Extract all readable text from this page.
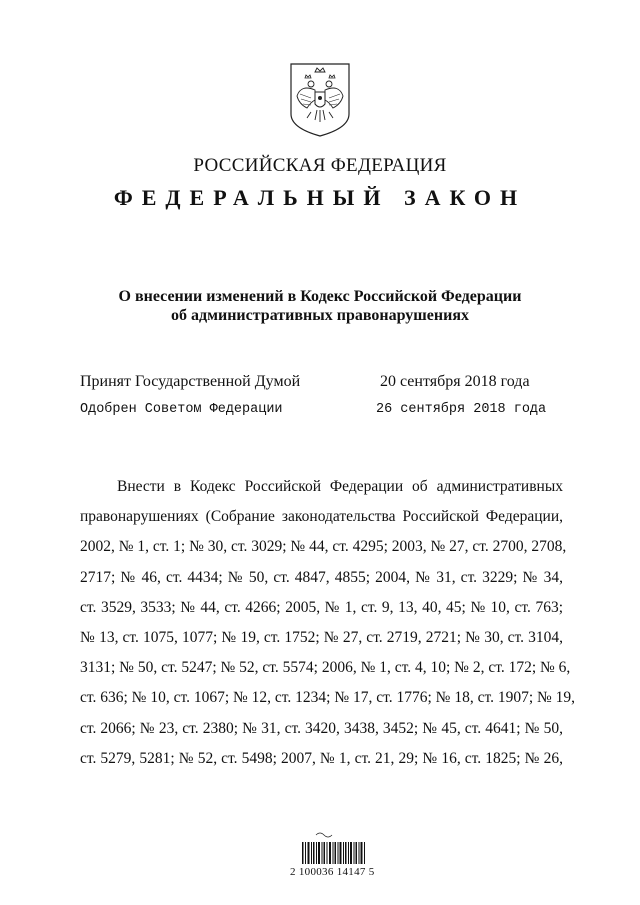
РОССИЙСКАЯ ФЕДЕРАЦИЯ
ФЕДЕРАЛЬНЫЙ ЗАКОН
О внесении изменений в Кодекс Российской Федерации
об административных правонарушениях
Принят Государственной Думой	20 сентября 2018 года
Одобрен Советом Федерации	26 сентября 2018 года
Внести в Кодекс Российской Федерации об административных
правонарушениях (Собрание законодательства Российской Федерации,
2002, № 1, ст. 1; № 30, ст. 3029; № 44, ст. 4295; 2003, № 27, ст. 2700, 2708,
2717; № 46, ст. 4434; № 50, ст. 4847, 4855; 2004, № 31, ст. 3229; № 34,
ст. 3529, 3533; № 44, ст. 4266; 2005, № 1, ст. 9, 13, 40, 45; № 10, ст. 763;
№ 13, ст. 1075, 1077; № 19, ст. 1752; № 27, ст. 2719, 2721; № 30, ст. 3104,
3131; № 50, ст. 5247; № 52, ст. 5574; 2006, № 1, ст. 4, 10; № 2, ст. 172; № 6,
ст. 636; № 10, ст. 1067; № 12, ст. 1234; № 17, ст. 1776; № 18, ст. 1907; № 19,
ст. 2066; № 23, ст. 2380; № 31, ст. 3420, 3438, 3452; № 45, ст. 4641; № 50,
ст. 5279, 5281; № 52, ст. 5498; 2007, № 1, ст. 21, 29; № 16, ст. 1825; № 26,
2 100036 14147 5
